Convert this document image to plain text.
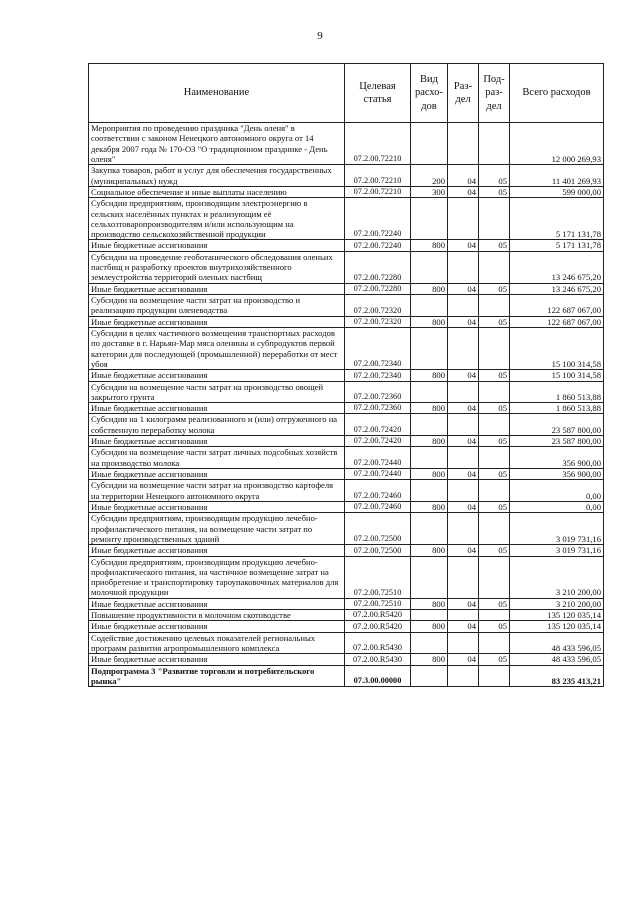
9
Наименование	Целевая статья	Вид расхо-дов	Раз-дел	Под-раз-дел	Всего расходов
Мероприятия по проведению праздника "День оленя" в соответствии с законом Ненецкого автономного округа от 14 декабря 2007 года № 170-ОЗ "О традиционном празднике - День оленя"	07.2.00.72210				12 000 269,93
Закупка товаров, работ и услуг для обеспечения государственных (муниципальных) нужд	07.2.00.72210	200	04	05	11 401 269,93
Социальное обеспечение и иные выплаты населению	07.2.00.72210	300	04	05	599 000,00
Субсидии предприятиям, производящим электроэнергию в сельских населённых пунктах и реализующим её сельхозтоваропроизводителям и/или использующим на производство сельскохозяйственной продукции	07.2.00.72240				5 171 131,78
Иные бюджетные ассигнования	07.2.00.72240	800	04	05	5 171 131,78
Субсидии на проведение геоботанического обследования оленьих пастбищ и разработку проектов внутрихозяйственного землеустройства территорий оленьих пастбищ	07.2.00.72280				13 246 675,20
Иные бюджетные ассигнования	07.2.00.72280	800	04	05	13 246 675,20
Субсидии на возмещение части затрат на производство и реализацию продукции оленеводства	07.2.00.72320				122 687 067,00
Иные бюджетные ассигнования	07.2.00.72320	800	04	05	122 687 067,00
Субсидии в целях частичного возмещения транспортных расходов по доставке в г. Нарьян-Мар мяса оленины и субпродуктов первой категории для последующей (промышленной) переработки от мест убоя	07.2.00.72340				15 100 314,58
Иные бюджетные ассигнования	07.2.00.72340	800	04	05	15 100 314,58
Субсидии на возмещение части затрат на производство овощей закрытого грунта	07.2.00.72360				1 860 513,88
Иные бюджетные ассигнования	07.2.00.72360	800	04	05	1 860 513,88
Субсидии на 1 килограмм реализованного и (или) отгруженного на собственную переработку молока	07.2.00.72420				23 587 800,00
Иные бюджетные ассигнования	07.2.00.72420	800	04	05	23 587 800,00
Субсидии на возмещение части затрат личных подсобных хозяйств на производство молока	07.2.00.72440				356 900,00
Иные бюджетные ассигнования	07.2.00.72440	800	04	05	356 900,00
Субсидии на возмещение части затрат на производство картофеля на территории Ненецкого автономного округа	07.2.00.72460				0,00
Иные бюджетные ассигнования	07.2.00.72460	800	04	05	0,00
Субсидии предприятиям, производящим продукцию лечебно-профилактического питания, на возмещение части затрат по ремонту производственных зданий	07.2.00.72500				3 019 731,16
Иные бюджетные ассигнования	07.2.00.72500	800	04	05	3 019 731,16
Субсидии предприятиям, производящим продукцию лечебно-профилактического питания, на частичное возмещение затрат на приобретение и транспортировку тароупаковочных материалов для молочной продукции	07.2.00.72510				3 210 200,00
Иные бюджетные ассигнования	07.2.00.72510	800	04	05	3 210 200,00
Повышение продуктивности в молочном скотоводстве	07.2.00.R5420				135 120 035,14
Иные бюджетные ассигнования	07.2.00.R5420	800	04	05	135 120 035,14
Содействие достижению целевых показателей региональных программ развития агропромышленного комплекса	07.2.00.R5430				48 433 596,05
Иные бюджетные ассигнования	07.2.00.R5430	800	04	05	48 433 596,05
Подпрограмма 3 "Развитие торговли и потребительского рынка"	07.3.00.00000				83 235 413,21
